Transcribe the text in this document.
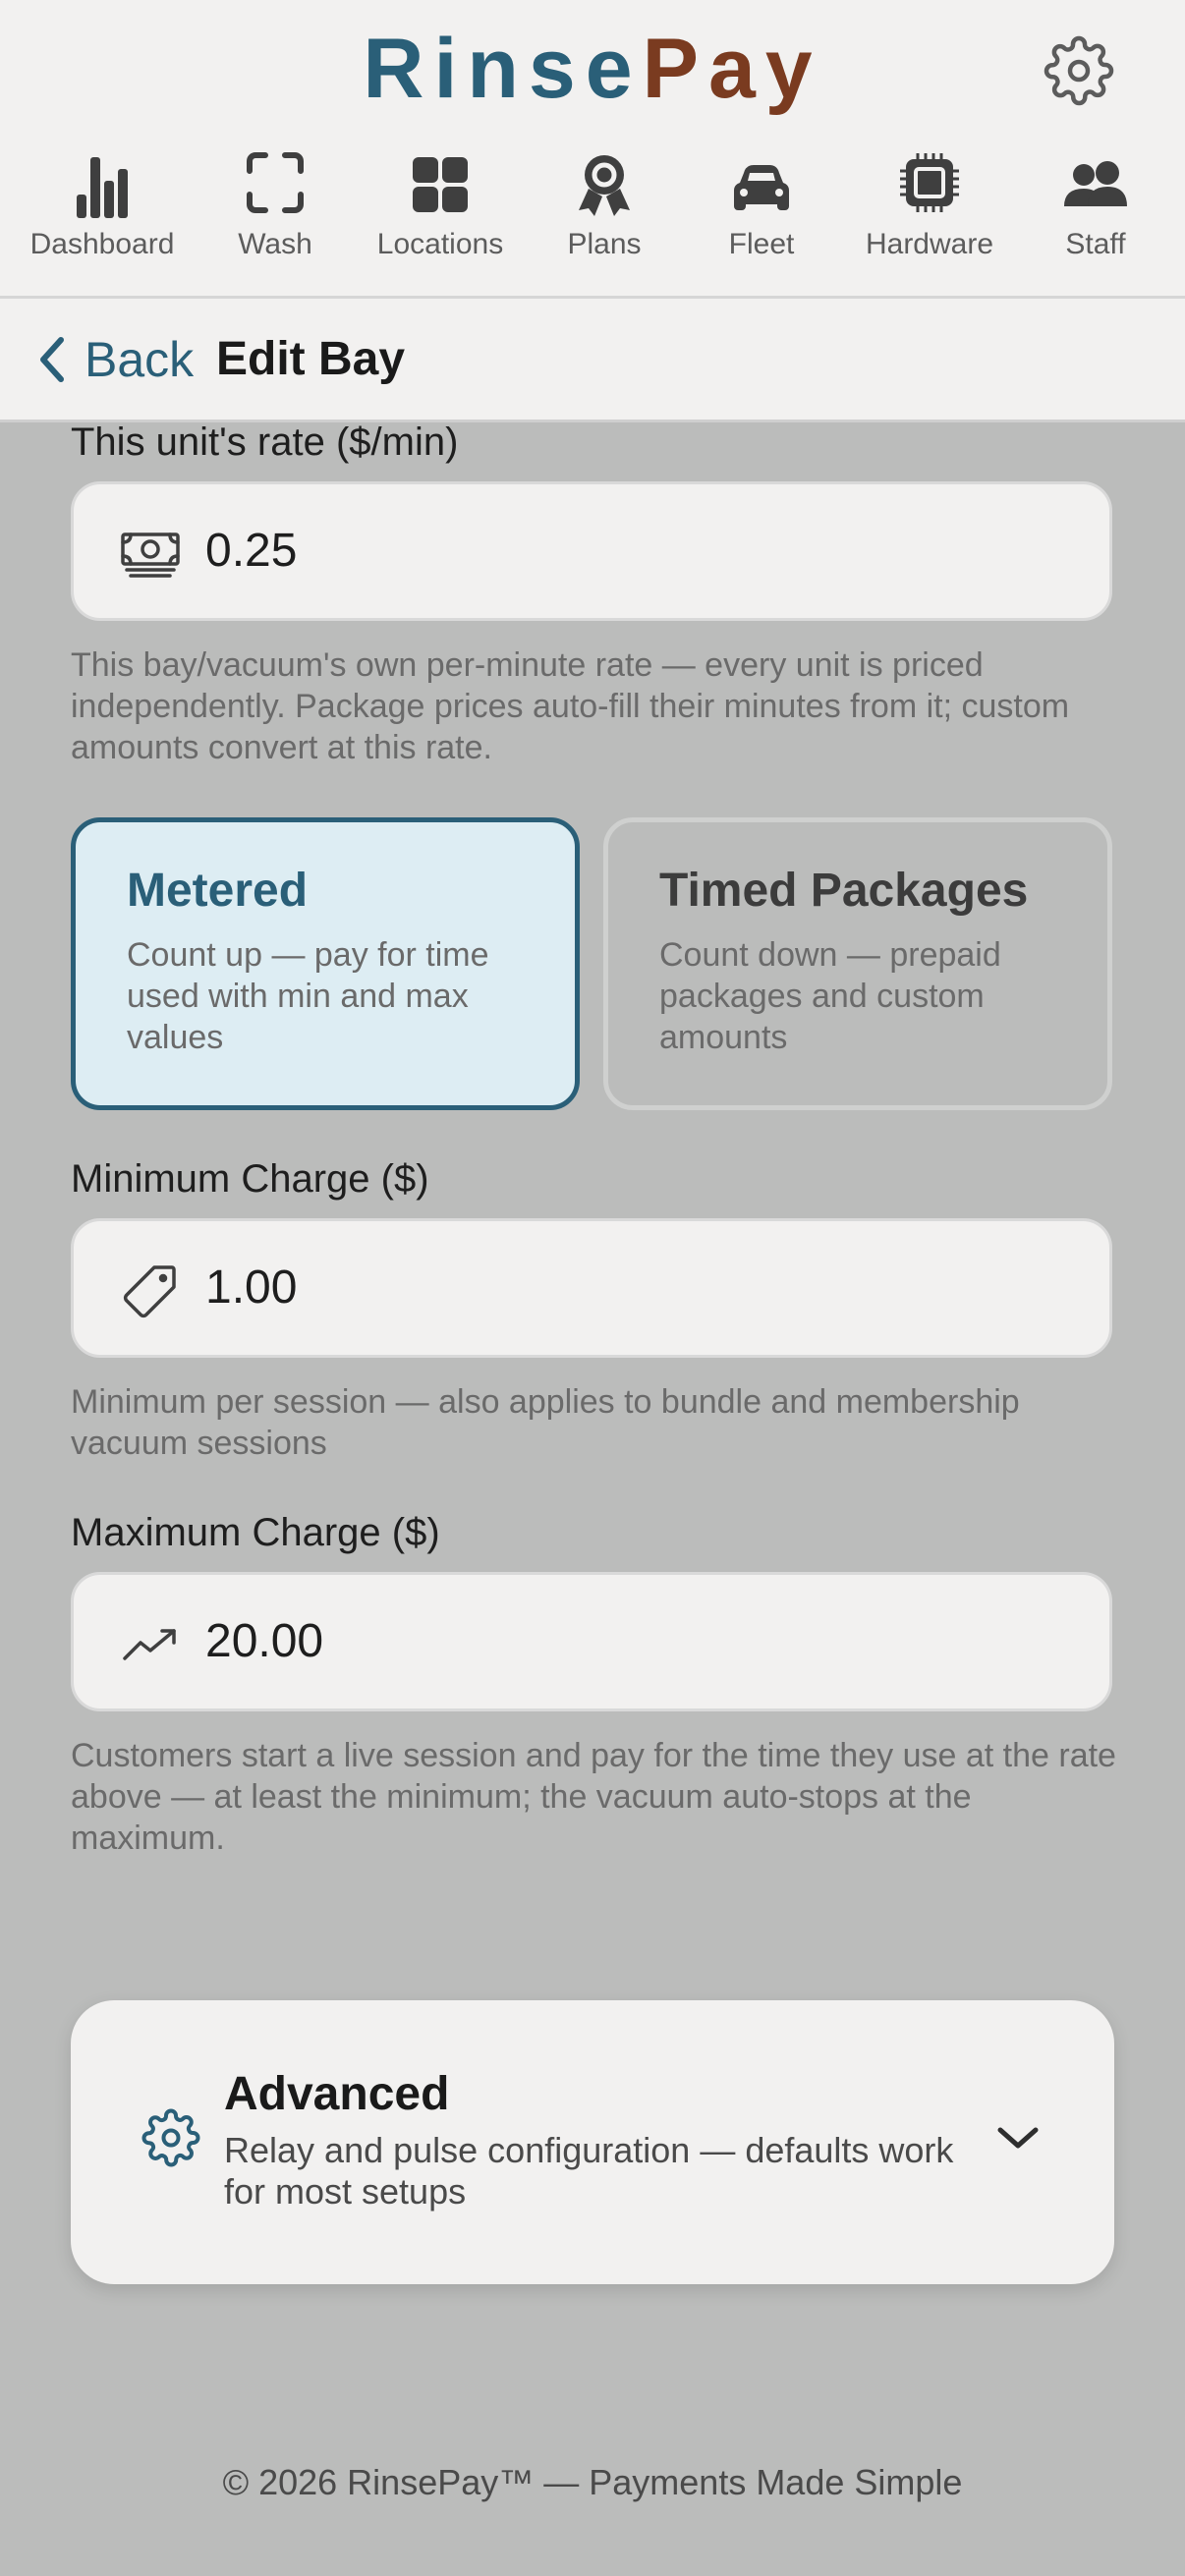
RinsePay
Dashboard	Wash	Locations	Plans	Fleet	Hardware	Staff
Back Edit Bay
This unit's rate ($/min)
0.25
This bay/vacuum's own per-minute rate — every unit is priced independently. Package prices auto-fill their minutes from it; custom amounts convert at this rate.
Metered
Count up — pay for time used with min and max values
Timed Packages
Count down — prepaid packages and custom amounts
Minimum Charge ($)
1.00
Minimum per session — also applies to bundle and membership vacuum sessions
Maximum Charge ($)
20.00
Customers start a live session and pay for the time they use at the rate above — at least the minimum; the vacuum auto-stops at the maximum.
Advanced
Relay and pulse configuration — defaults work for most setups
© 2026 RinsePay™ — Payments Made Simple
